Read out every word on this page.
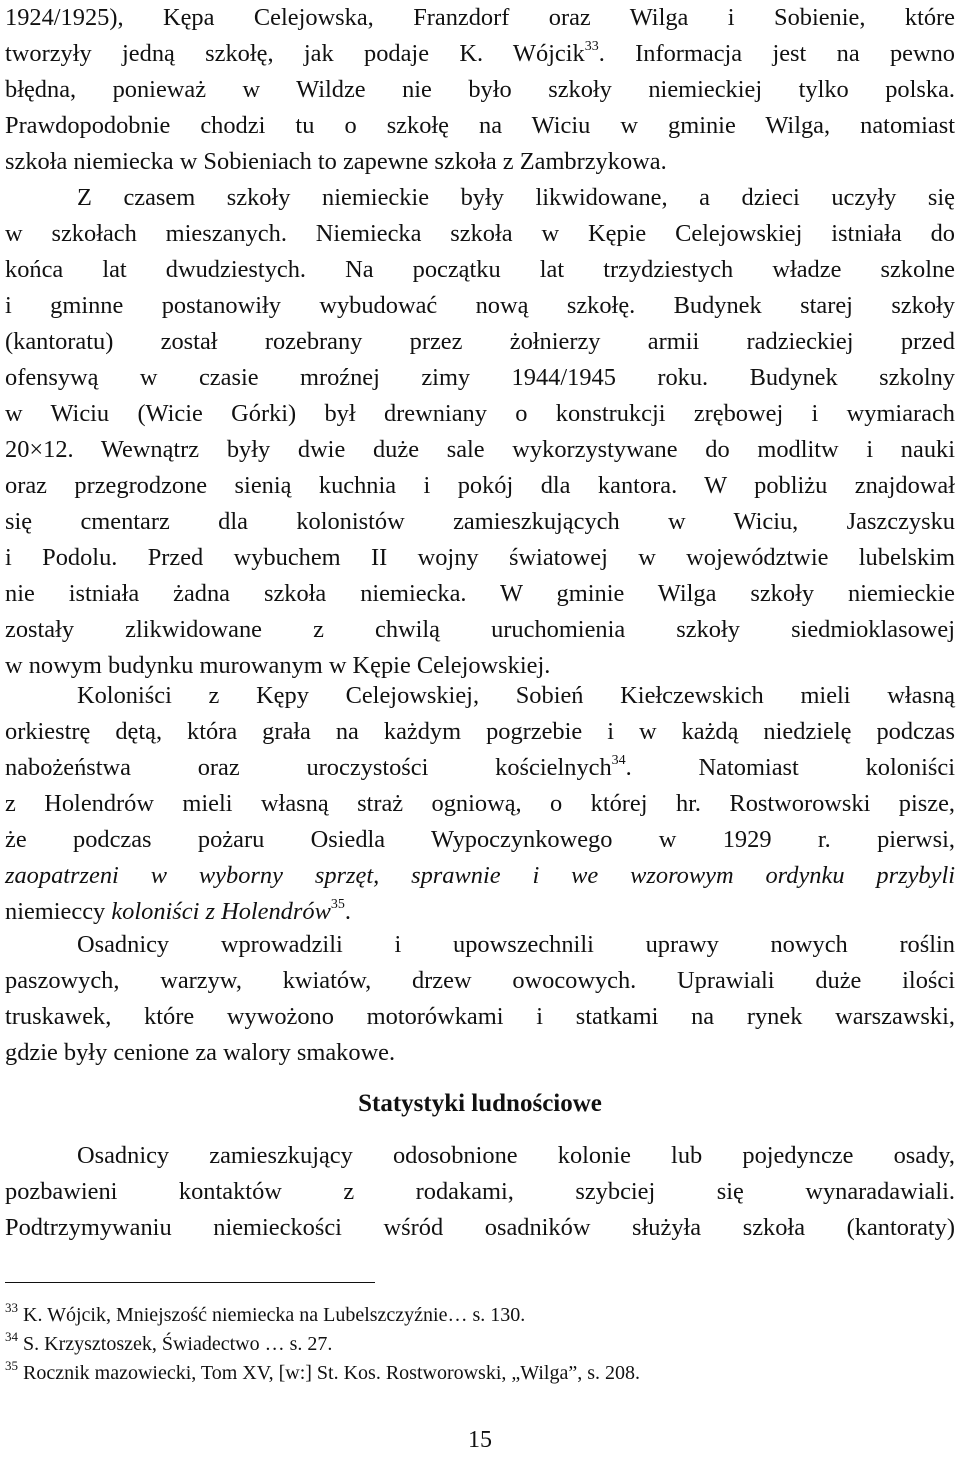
1924/1925), Kępa Celejowska, Franzdorf oraz Wilga i Sobienie, które
tworzyły jedną szkołę, jak podaje K. Wójcik$^{33}$. Informacja jest na pewno
błędna, ponieważ w Wildze nie było szkoły niemieckiej tylko polska.
Prawdopodobnie chodzi tu o szkołę na Wiciu w gminie Wilga, natomiast
szkoła niemiecka w Sobieniach to zapewne szkoła z Zambrzykowa.
Z czasem szkoły niemieckie były likwidowane, a dzieci uczyły się
w szkołach mieszanych. Niemiecka szkoła w Kępie Celejowskiej istniała do
końca lat dwudziestych. Na początku lat trzydziestych władze szkolne
i gminne postanowiły wybudować nową szkołę. Budynek starej szkoły
(kantoratu) został rozebrany przez żołnierzy armii radzieckiej przed
ofensywą w czasie mroźnej zimy 1944/1945 roku. Budynek szkolny
w Wiciu (Wicie Górki) był drewniany o konstrukcji zrębowej i wymiarach
20×12. Wewnątrz były dwie duże sale wykorzystywane do modlitw i nauki
oraz przegrodzone sienią kuchnia i pokój dla kantora. W pobliżu znajdował
się cmentarz dla kolonistów zamieszkujących w Wiciu, Jaszczysku
i Podolu. Przed wybuchem II wojny światowej w województwie lubelskim
nie istniała żadna szkoła niemiecka. W gminie Wilga szkoły niemieckie
zostały zlikwidowane z chwilą uruchomienia szkoły siedmioklasowej
w nowym budynku murowanym w Kępie Celejowskiej.
Koloniści z Kępy Celejowskiej, Sobień Kiełczewskich mieli własną
orkiestrę dętą, która grała na każdym pogrzebie i w każdą niedzielę podczas
nabożeństwa oraz uroczystości kościelnych$^{34}$. Natomiast koloniści
z Holendrów mieli własną straż ogniową, o której hr. Rostworowski pisze,
że podczas pożaru Osiedla Wypoczynkowego w 1929 r. pierwsi,
zaopatrzeni w wyborny sprzęt, sprawnie i we wzorowym ordynku przybyli
niemieccy koloniści z Holendrów$^{35}$.
Osadnicy wprowadzili i upowszechnili uprawy nowych roślin
paszowych, warzyw, kwiatów, drzew owocowych. Uprawiali duże ilości
truskawek, które wywożono motorówkami i statkami na rynek warszawski,
gdzie były cenione za walory smakowe.
Statystyki ludnościowe
Osadnicy zamieszkujący odosobnione kolonie lub pojedyncze osady,
pozbawieni kontaktów z rodakami, szybciej się wynaradawiali.
Podtrzymywaniu niemieckości wśród osadników służyła szkoła (kantoraty)
$^{33}$ K. Wójcik, Mniejszość niemiecka na Lubelszczyźnie… s. 130.
$^{34}$ S. Krzysztoszek, Świadectwo … s. 27.
$^{35}$ Rocznik mazowiecki, Tom XV, [w:] St. Kos. Rostworowski, „Wilga”, s. 208.
15
